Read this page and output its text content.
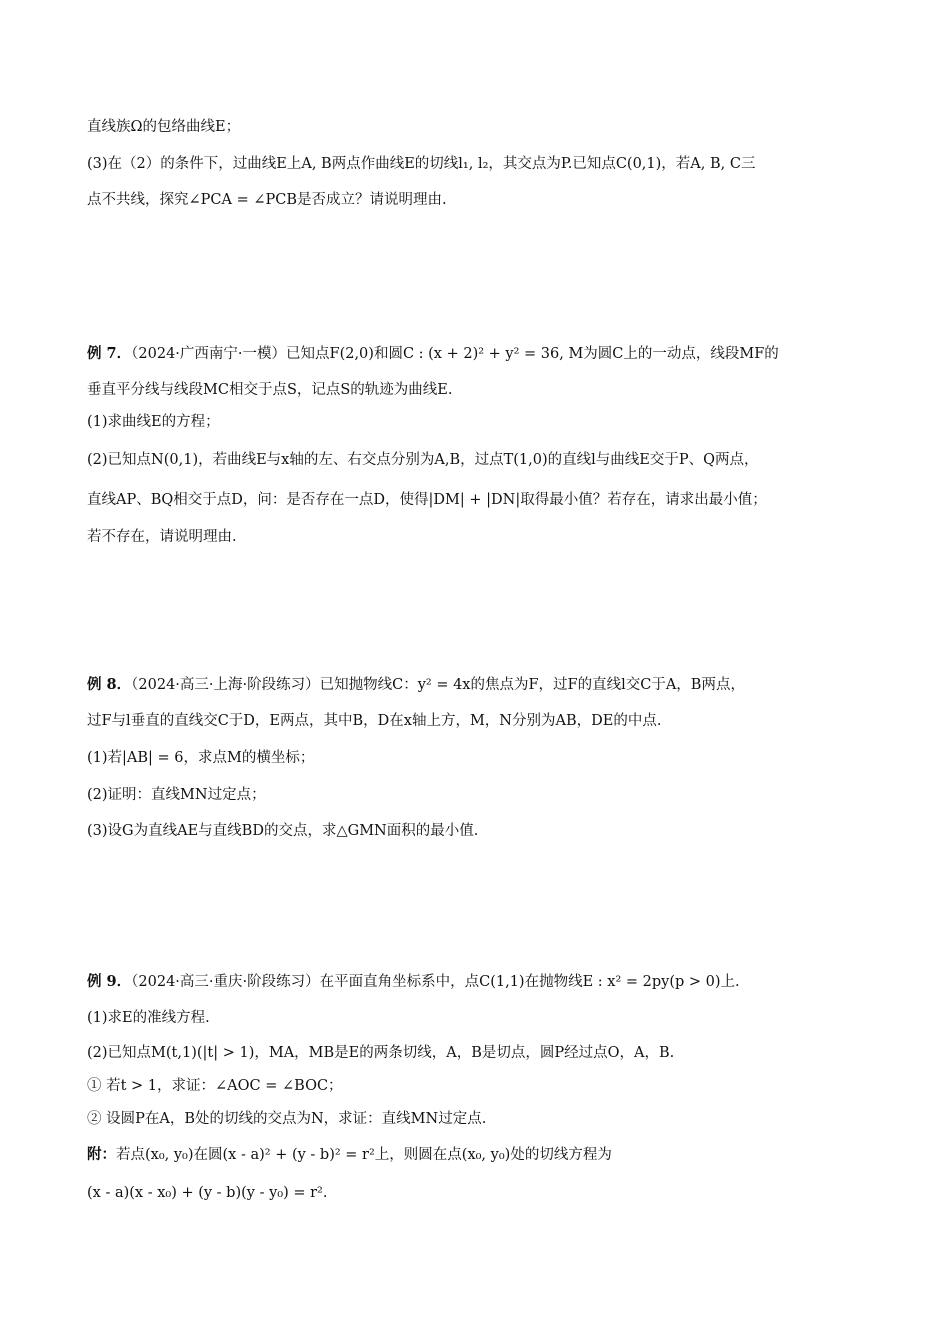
直线族Ω的包络曲线E；
(3)在（2）的条件下，过曲线E上A, B两点作曲线E的切线l₁, l₂，其交点为P.已知点C(0,1)，若A, B, C三
点不共线，探究∠PCA = ∠PCB是否成立？请说明理由.
例 7．（2024·广西南宁·一模）已知点F(2,0)和圆C : (x + 2)² + y² = 36, M为圆C上的一动点，线段MF的
垂直平分线与线段MC相交于点S，记点S的轨迹为曲线E.
(1)求曲线E的方程；
(2)已知点N(0,1)，若曲线E与x轴的左、右交点分别为A,B，过点T(1,0)的直线l与曲线E交于P、Q两点，
直线AP、BQ相交于点D，问：是否存在一点D，使得|DM| + |DN|取得最小值？若存在，请求出最小值；
若不存在，请说明理由.
例 8．（2024·高三·上海·阶段练习）已知抛物线C：y² = 4x的焦点为F，过F的直线l交C于A，B两点，
过F与l垂直的直线交C于D，E两点，其中B，D在x轴上方，M，N分别为AB，DE的中点.
(1)若|AB| = 6，求点M的横坐标；
(2)证明：直线MN过定点；
(3)设G为直线AE与直线BD的交点，求△GMN面积的最小值.
例 9．（2024·高三·重庆·阶段练习）在平面直角坐标系中，点C(1,1)在抛物线E : x² = 2py(p > 0)上.
(1)求E的准线方程.
(2)已知点M(t,1)(|t| > 1)，MA，MB是E的两条切线，A，B是切点，圆P经过点O，A，B.
① 若t > 1，求证：∠AOC = ∠BOC；
② 设圆P在A，B处的切线的交点为N，求证：直线MN过定点.
附：若点(x₀, y₀)在圆(x - a)² + (y - b)² = r²上，则圆在点(x₀, y₀)处的切线方程为
(x - a)(x - x₀) + (y - b)(y - y₀) = r².
